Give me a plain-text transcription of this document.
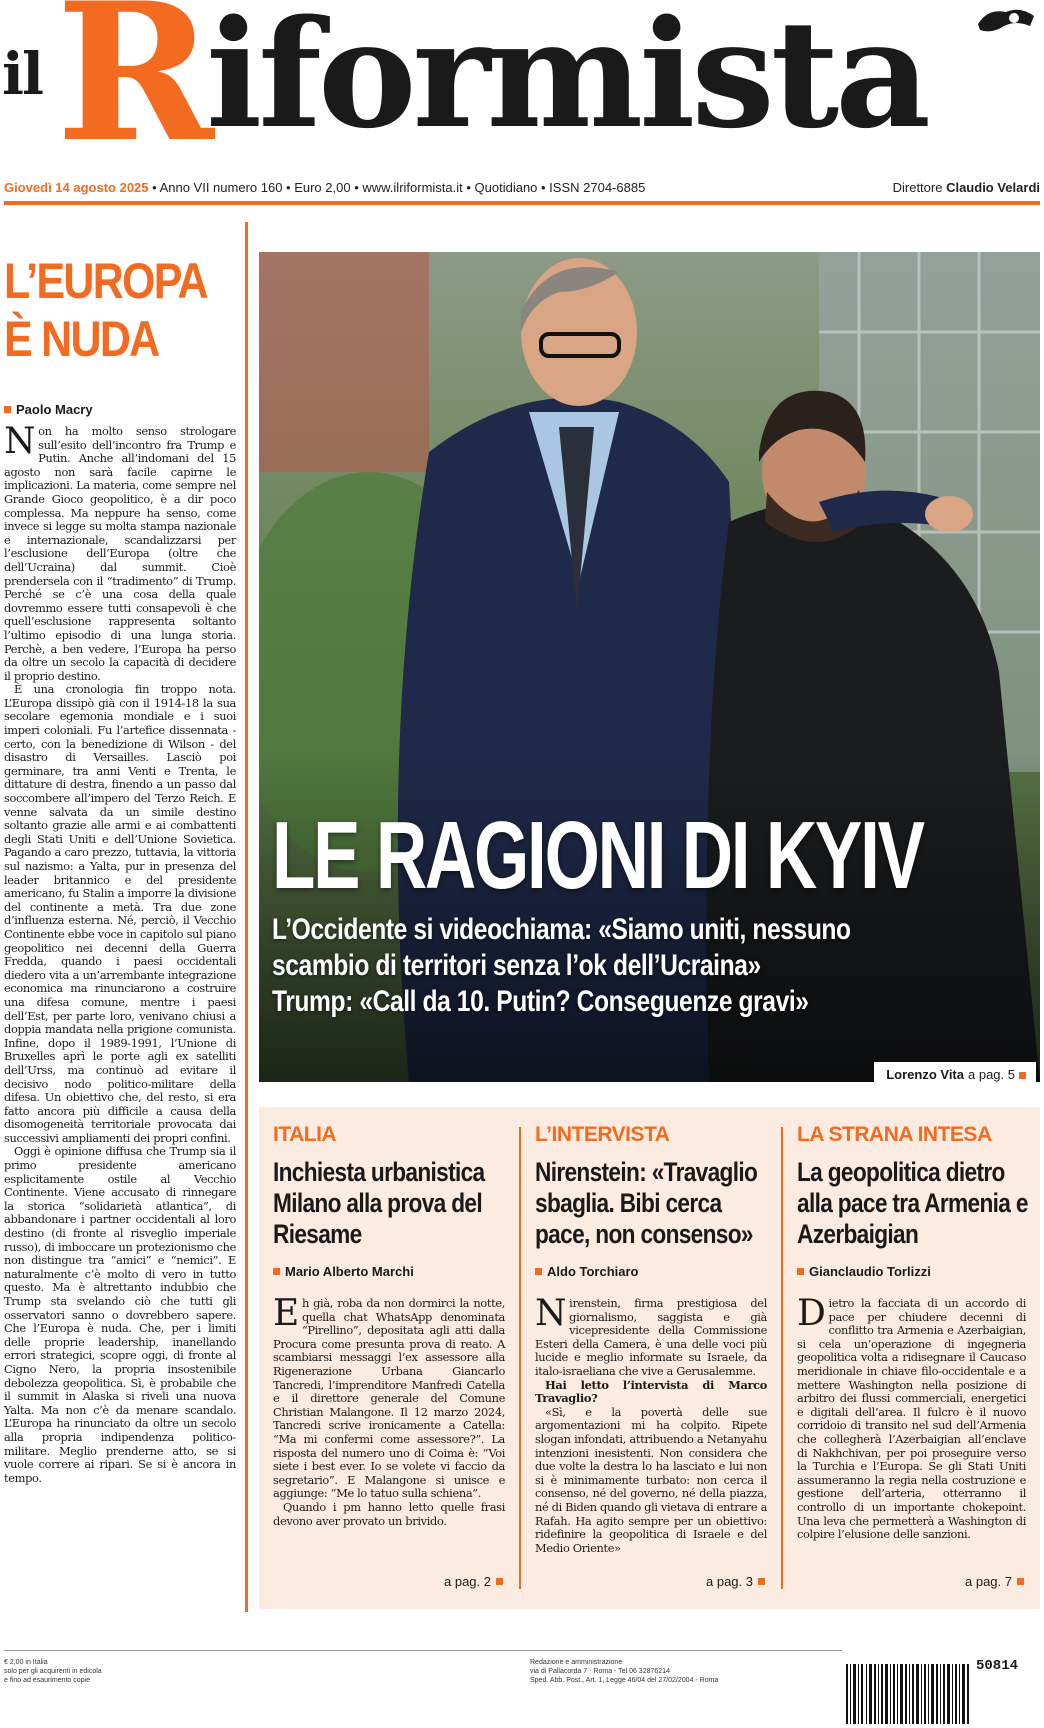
il R
iformista
Giovedì 14 agosto 2025 • Anno VII numero 160 • Euro 2,00 • www.ilriformista.it • Quotidiano • ISSN 2704-6885	Direttore Claudio Velardi
L’EUROPA
È NUDA
Paolo Macry

Non ha molto senso strologare sull’esito dell’incontro fra Trump e Putin. Anche all’indomani del 15 agosto non sarà facile capirne le implicazioni. La materia, come sempre nel Grande Gioco geopolitico, è a dir poco complessa. Ma neppure ha senso, come invece si legge su molta stampa nazionale e internazionale, scandalizzarsi per l’esclusione dell’Europa (oltre che dell’Ucraina) dal summit. Cioè prendersela con il “tradimento” di Trump. Perché se c’è una cosa della quale dovremmo essere tutti consapevoli è che quell’esclusione rappresenta soltanto l’ultimo episodio di una lunga storia. Perchè, a ben vedere, l’Europa ha perso da oltre un secolo la capacità di decidere il proprio destino.

È una cronologia fin troppo nota. L’Europa dissipò già con il 1914-18 la sua secolare egemonia mondiale e i suoi imperi coloniali. Fu l’artefice dissennata - certo, con la benedizione di Wilson - del disastro di Versailles. Lasciò poi germinare, tra anni Venti e Trenta, le dittature di destra, finendo a un passo dal soccombere all’impero del Terzo Reich. E venne salvata da un simile destino soltanto grazie alle armi e ai combattenti degli Stati Uniti e dell’Unione Sovietica. Pagando a caro prezzo, tuttavia, la vittoria sul nazismo: a Yalta, pur in presenza del leader britannico e del presidente americano, fu Stalin a imporre la divisione del continente a metà. Tra due zone d’influenza esterna. Né, perciò, il Vecchio Continente ebbe voce in capitolo sul piano geopolitico nei decenni della Guerra Fredda, quando i paesi occidentali diedero vita a un’arrembante integrazione economica ma rinunciarono a costruire una difesa comune, mentre i paesi dell’Est, per parte loro, venivano chiusi a doppia mandata nella prigione comunista. Infine, dopo il 1989-1991, l’Unione di Bruxelles aprì le porte agli ex satelliti dell’Urss, ma continuò ad evitare il decisivo nodo politico-militare della difesa. Un obiettivo che, del resto, si era fatto ancora più difficile a causa della disomogeneità territoriale provocata dai successivi ampliamenti dei propri confini.

Oggi è opinione diffusa che Trump sia il primo presidente americano esplicitamente ostile al Vecchio Continente. Viene accusato di rinnegare la storica “solidarietà atlantica”, di abbandonare i partner occidentali al loro destino (di fronte al risveglio imperiale russo), di imboccare un protezionismo che non distingue tra “amici” e “nemici”. E naturalmente c’è molto di vero in tutto questo. Ma è altrettanto indubbio che Trump sta svelando ciò che tutti gli osservatori sanno o dovrebbero sapere. Che l’Europa è nuda. Che, per i limiti delle proprie leadership, inanellando errori strategici, scopre oggi, di fronte al Cigno Nero, la propria insostenibile debolezza geopolitica. Sì, è probabile che il summit in Alaska si riveli una nuova Yalta. Ma non c’è da menare scandalo. L’Europa ha rinunciato da oltre un secolo alla propria indipendenza politico-militare. Meglio prenderne atto, se si vuole correre ai ripari. Se si è ancora in tempo.

LE RAGIONI DI KYIV
L’Occidente si videochiama: «Siamo uniti, nessuno
scambio di territori senza l’ok dell’Ucraina»
Trump: «Call da 10. Putin? Conseguenze gravi»
Lorenzo Vita a pag. 5
ITALIA
Inchiesta urbanistica Milano alla prova del Riesame
Mario Alberto Marchi

Eh già, roba da non dormirci la notte, quella chat WhatsApp denominata “Pirellino”, depositata agli atti dalla Procura come presunta prova di reato. A scambiarsi messaggi l’ex assessore alla Rigenerazione Urbana Giancarlo Tancredi, l’imprenditore Manfredi Catella e il direttore generale del Comune Christian Malangone. Il 12 marzo 2024, Tancredi scrive ironicamente a Catella: “Ma mi confermi come assessore?”. La risposta del numero uno di Coima è: “Voi siete i best ever. Io se volete vi faccio da segretario”. E Malangone si unisce e aggiunge: “Me lo tatuo sulla schiena”.

Quando i pm hanno letto quelle frasi devono aver provato un brivido.

a pag. 2
L’INTERVISTA
Nirenstein: «Travaglio sbaglia. Bibi cerca pace, non consenso»
Aldo Torchiaro

Nirenstein, firma prestigiosa del giornalismo, saggista e già vicepresidente della Commissione Esteri della Camera, è una delle voci più lucide e meglio informate su Israele, da italo-israeliana che vive a Gerusalemme.

Hai letto l’intervista di Marco Travaglio?

«Sì, e la povertà delle sue argomentazioni mi ha colpito. Ripete slogan infondati, attribuendo a Netanyahu intenzioni inesistenti. Non considera che due volte la destra lo ha lasciato e lui non si è minimamente turbato: non cerca il consenso, né del governo, né della piazza, né di Biden quando gli vietava di entrare a Rafah. Ha agito sempre per un obiettivo: ridefinire la geopolitica di Israele e del Medio Oriente»

a pag. 3
LA STRANA INTESA
La geopolitica dietro alla pace tra Armenia e Azerbaigian
Gianclaudio Torlizzi

Dietro la facciata di un accordo di pace per chiudere decenni di conflitto tra Armenia e Azerbaigian, si cela un’operazione di ingegneria geopolitica volta a ridisegnare il Caucaso meridionale in chiave filo-occidentale e a mettere Washington nella posizione di arbitro dei flussi commerciali, energetici e digitali dell’area. Il fulcro è il nuovo corridoio di transito nel sud dell’Armenia che collegherà l’Azerbaigian all’enclave di Nakhchivan, per poi proseguire verso la Turchia e l’Europa. Se gli Stati Uniti assumeranno la regia nella costruzione e gestione dell’arteria, otterranno il controllo di un importante chokepoint. Una leva che permetterà a Washington di colpire l’elusione delle sanzioni.

a pag. 7
€ 2,00 in Italia
solo per gli acquirenti in edicola
e fino ad esaurimento copie
Redazione e amministrazione
via di Pallacorda 7 - Roma - Tel 06 32876214
Sped. Abb. Post., Art. 1, Legge 46/04 del 27/02/2004 - Roma
50814
